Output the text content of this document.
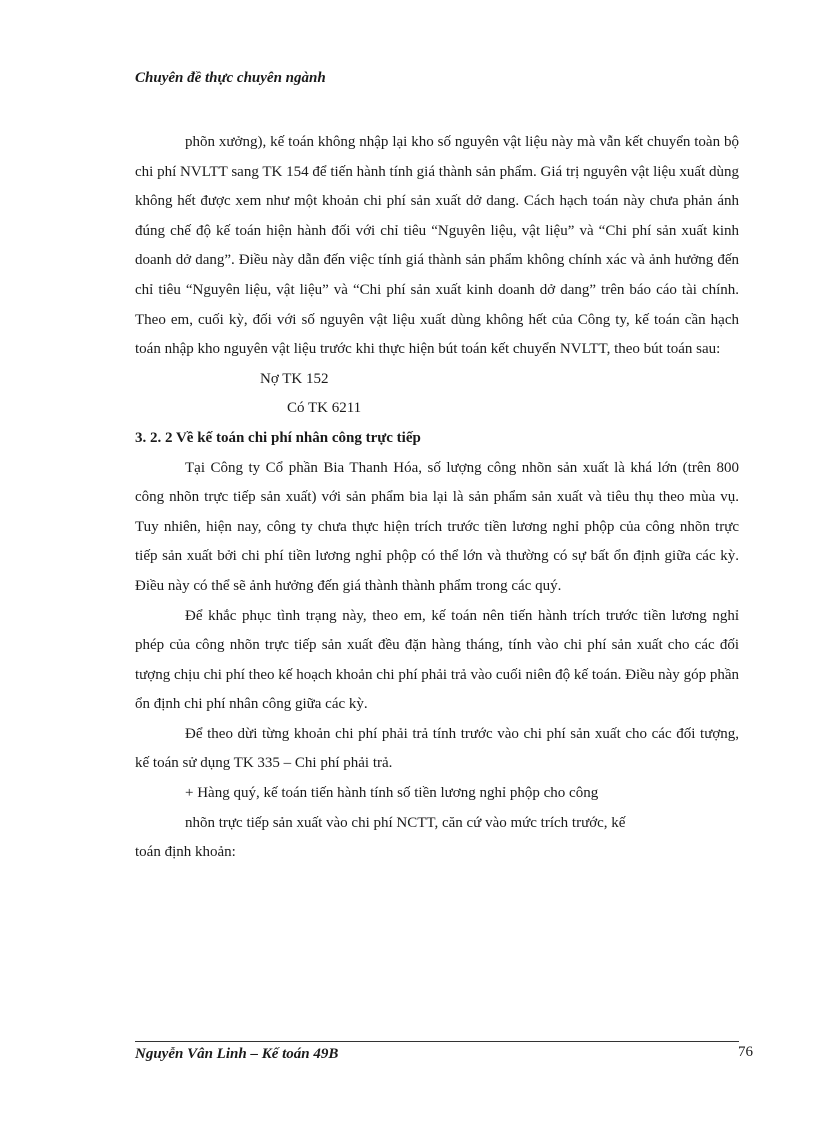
Chuyên đề thực chuyên ngành

phõn xưởng), kế toán không nhập lại kho số nguyên vật liệu này mà vẫn kết chuyển toàn bộ chi phí NVLTT sang TK 154 để tiến hành tính giá thành sản phẩm. Giá trị nguyên vật liệu xuất dùng không hết được xem như một khoản chi phí sản xuất dở dang. Cách hạch toán này chưa phản ánh đúng chế độ kế toán hiện hành đối với chỉ tiêu “Nguyên liệu, vật liệu” và “Chi phí sản xuất kinh doanh dở dang”. Điều này dẫn đến việc tính giá thành sản phẩm không chính xác và ảnh hưởng đến chỉ tiêu “Nguyên liệu, vật liệu” và “Chi phí sản xuất kinh doanh dở dang” trên báo cáo tài chính. Theo em, cuối kỳ, đối với số nguyên vật liệu xuất dùng không hết của Công ty, kế toán cần hạch toán nhập kho nguyên vật liệu trước khi thực hiện bút toán kết chuyển NVLTT, theo bút toán sau:

Nợ TK 152

Có TK 6211

3. 2. 2 Về kế toán chi phí nhân công trực tiếp

Tại Công ty Cổ phần Bia Thanh Hóa, số lượng công nhõn sản xuất là khá lớn (trên 800 công nhõn trực tiếp sản xuất) với sản phẩm bia lại là sản phẩm sản xuất và tiêu thụ theo mùa vụ. Tuy nhiên, hiện nay, công ty chưa thực hiện trích trước tiền lương nghỉ phộp của công nhõn trực tiếp sản xuất bởi chi phí tiền lương nghỉ phộp có thể lớn và thường có sự bất ổn định giữa các kỳ. Điều này có thể sẽ ảnh hưởng đến giá thành thành phẩm trong các quý.

Để khắc phục tình trạng này, theo em, kế toán nên tiến hành trích trước tiền lương nghỉ phép của công nhõn trực tiếp sản xuất đều đặn hàng tháng, tính vào chi phí sản xuất cho các đối tượng chịu chi phí theo kế hoạch khoản chi phí phải trả vào cuối niên độ kế toán. Điều này góp phần ổn định chi phí nhân công giữa các kỳ.

Để theo dừi từng khoản chi phí phải trả tính trước vào chi phí sản xuất cho các đối tượng, kế toán sử dụng TK 335 – Chi phí phải trả.

+ Hàng quý, kế toán tiến hành tính số tiền lương nghỉ phộp cho công

nhõn trực tiếp sản xuất vào chi phí NCTT, căn cứ vào mức trích trước, kế

toán định khoản:

Nguyễn Vân Linh – Kế toán 49B	76
